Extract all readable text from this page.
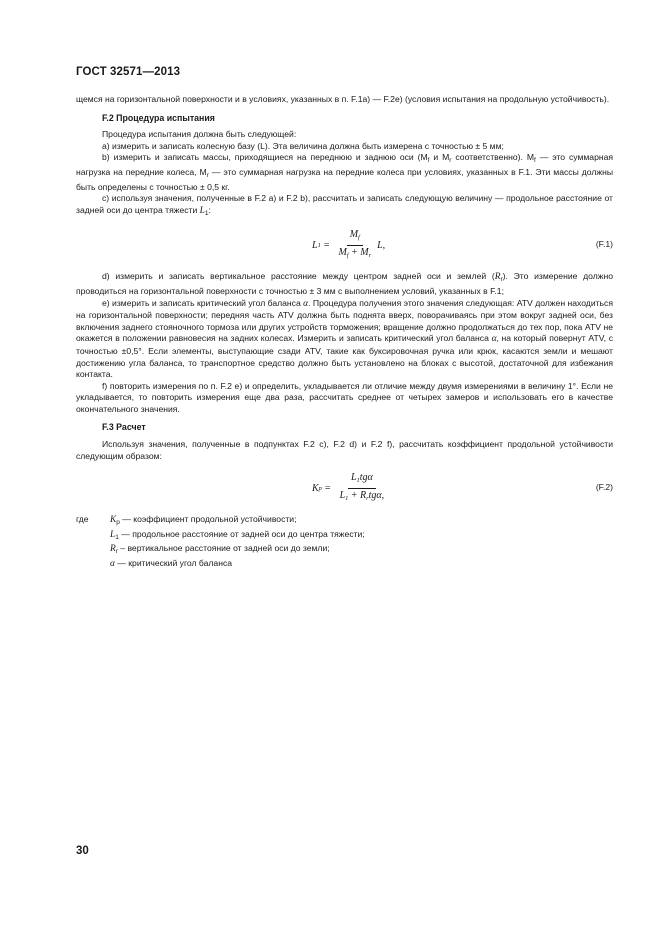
ГОСТ 32571—2013

щемся на горизонтальной поверхности и в условиях, указанных в п. F.1a) — F.2e) (условия испытания на продольную устойчивость).

F.2 Процедура испытания

Процедура испытания должна быть следующей:

a) измерить и записать колесную базу (L). Эта величина должна быть измерена с точностью ± 5 мм;

b) измерить и записать массы, приходящиеся на переднюю и заднюю оси ($M_f$ и $M_r$ соответственно). $M_f$ — это суммарная нагрузка на передние колеса, $M_r$ — это суммарная нагрузка на передние колеса при условиях, указанных в F.1. Эти массы должны быть определены с точностью ± 0,5 кг.

c) используя значения, полученные в F.2 a) и F.2 b), рассчитать и записать следующую величину — продольное расстояние от задней оси до центра тяжести $L_1$:

L $1 = \frac{M_f}{M_f + M_r} L$,	(F.1)

d) измерить и записать вертикальное расстояние между центром задней оси и землей $(R_r)$. Это измерение должно проводиться на горизонтальной поверхности с точностью ± 3 мм с выполнением условий, указанных в F.1;

e) измерить и записать критический угол баланса α. Процедура получения этого значения следующая: ATV должен находиться на горизонтальной поверхности; передняя часть ATV должна быть поднята вверх, поворачиваясь при этом вокруг задней оси, без включения заднего стояночного тормоза или других устройств торможения; вращение должно продолжаться до тех пор, пока ATV не окажется в положении равновесия на задних колесах. Измерить и записать критический угол баланса α, на который повернут ATV, с точностью ±0,5°. Если элементы, выступающие сзади ATV, такие как буксировочная ручка или крюк, касаются земли и мешают достижению угла баланса, то транспортное средство должно быть установлено на блоках с высотой, достаточной для избежания контакта.

f) повторить измерения по п. F.2 e) и определить, укладывается ли отличие между двумя измерениями в величину 1°. Если не укладывается, то повторить измерения еще два раза, рассчитать среднее от четырех замеров и использовать его в качестве окончательного значения.

F.3 Расчет

Используя значения, полученные в подпунктах F.2 c), F.2 d) и F.2 f), рассчитать коэффициент продольной устойчивости следующим образом:

K $p = \frac{L_1tg\alpha}{L_1 + R_rtg\alpha,}$	(F.2)
где	$K_p$ — коэффициент продольной устойчивости;
$L_1$ — продольное расстояние от задней оси до центра тяжести;
$R_r$ – вертикальное расстояние от задней оси до земли;
α — критический угол баланса
30
